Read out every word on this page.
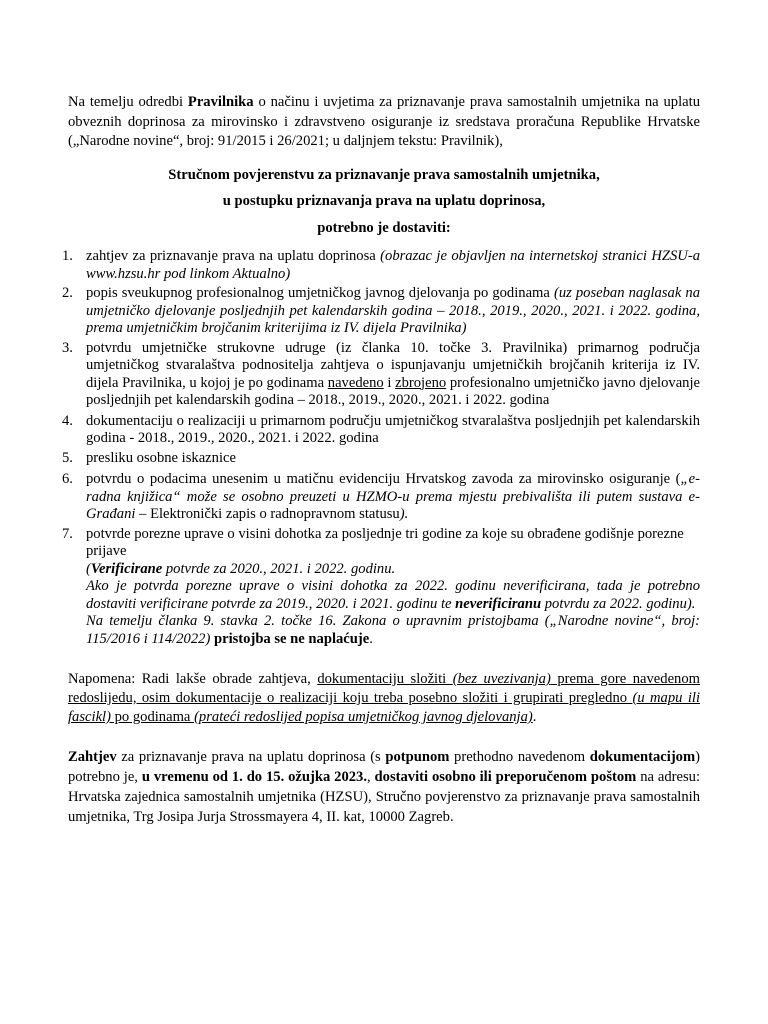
Na temelju odredbi Pravilnika o načinu i uvjetima za priznavanje prava samostalnih umjetnika na uplatu obveznih doprinosa za mirovinsko i zdravstveno osiguranje iz sredstava proračuna Republike Hrvatske („Narodne novine“, broj: 91/2015 i 26/2021; u daljnjem tekstu: Pravilnik),

Stručnom povjerenstvu za priznavanje prava samostalnih umjetnika,

u postupku priznavanja prava na uplatu doprinosa,

potrebno je dostaviti:

1. zahtjev za priznavanje prava na uplatu doprinosa (obrazac je objavljen na internetskoj stranici HZSU-a www.hzsu.hr pod linkom Aktualno)
2. popis sveukupnog profesionalnog umjetničkog javnog djelovanja po godinama (uz poseban naglasak na umjetničko djelovanje posljednjih pet kalendarskih godina – 2018., 2019., 2020., 2021. i 2022. godina, prema umjetničkim brojčanim kriterijima iz IV. dijela Pravilnika)
3. potvrdu umjetničke strukovne udruge (iz članka 10. točke 3. Pravilnika) primarnog područja umjetničkog stvaralaštva podnositelja zahtjeva o ispunjavanju umjetničkih brojčanih kriterija iz IV. dijela Pravilnika, u kojoj je po godinama navedeno i zbrojeno profesionalno umjetničko javno djelovanje posljednjih pet kalendarskih godina – 2018., 2019., 2020., 2021. i 2022. godina
4. dokumentaciju o realizaciji u primarnom području umjetničkog stvaralaštva posljednjih pet kalendarskih godina - 2018., 2019., 2020., 2021. i 2022. godina
5. presliku osobne iskaznice
6. potvrdu o podacima unesenim u matičnu evidenciju Hrvatskog zavoda za mirovinsko osiguranje („e-radna knjižica“ može se osobno preuzeti u HZMO-u prema mjestu prebivališta ili putem sustava e-Građani – Elektronički zapis o radnopravnom statusu).
7. potvrde porezne uprave o visini dohotka za posljednje tri godine za koje su obrađene godišnje porezne prijave
(Verificirane potvrde za 2020., 2021. i 2022. godinu.
Ako je potvrda porezne uprave o visini dohotka za 2022. godinu neverificirana, tada je potrebno dostaviti verificirane potvrde za 2019., 2020. i 2021. godinu te neverificiranu potvrdu za 2022. godinu).
Na temelju članka 9. stavka 2. točke 16. Zakona o upravnim pristojbama („Narodne novine“, broj: 115/2016 i 114/2022) pristojba se ne naplaćuje.

Napomena: Radi lakše obrade zahtjeva, dokumentaciju složiti (bez uvezivanja) prema gore navedenom redoslijedu, osim dokumentacije o realizaciji koju treba posebno složiti i grupirati pregledno (u mapu ili fascikl) po godinama (prateći redoslijed popisa umjetničkog javnog djelovanja).

Zahtjev za priznavanje prava na uplatu doprinosa (s potpunom prethodno navedenom dokumentacijom) potrebno je, u vremenu od 1. do 15. ožujka 2023., dostaviti osobno ili preporučenom poštom na adresu: Hrvatska zajednica samostalnih umjetnika (HZSU), Stručno povjerenstvo za priznavanje prava samostalnih umjetnika, Trg Josipa Jurja Strossmayera 4, II. kat, 10000 Zagreb.
